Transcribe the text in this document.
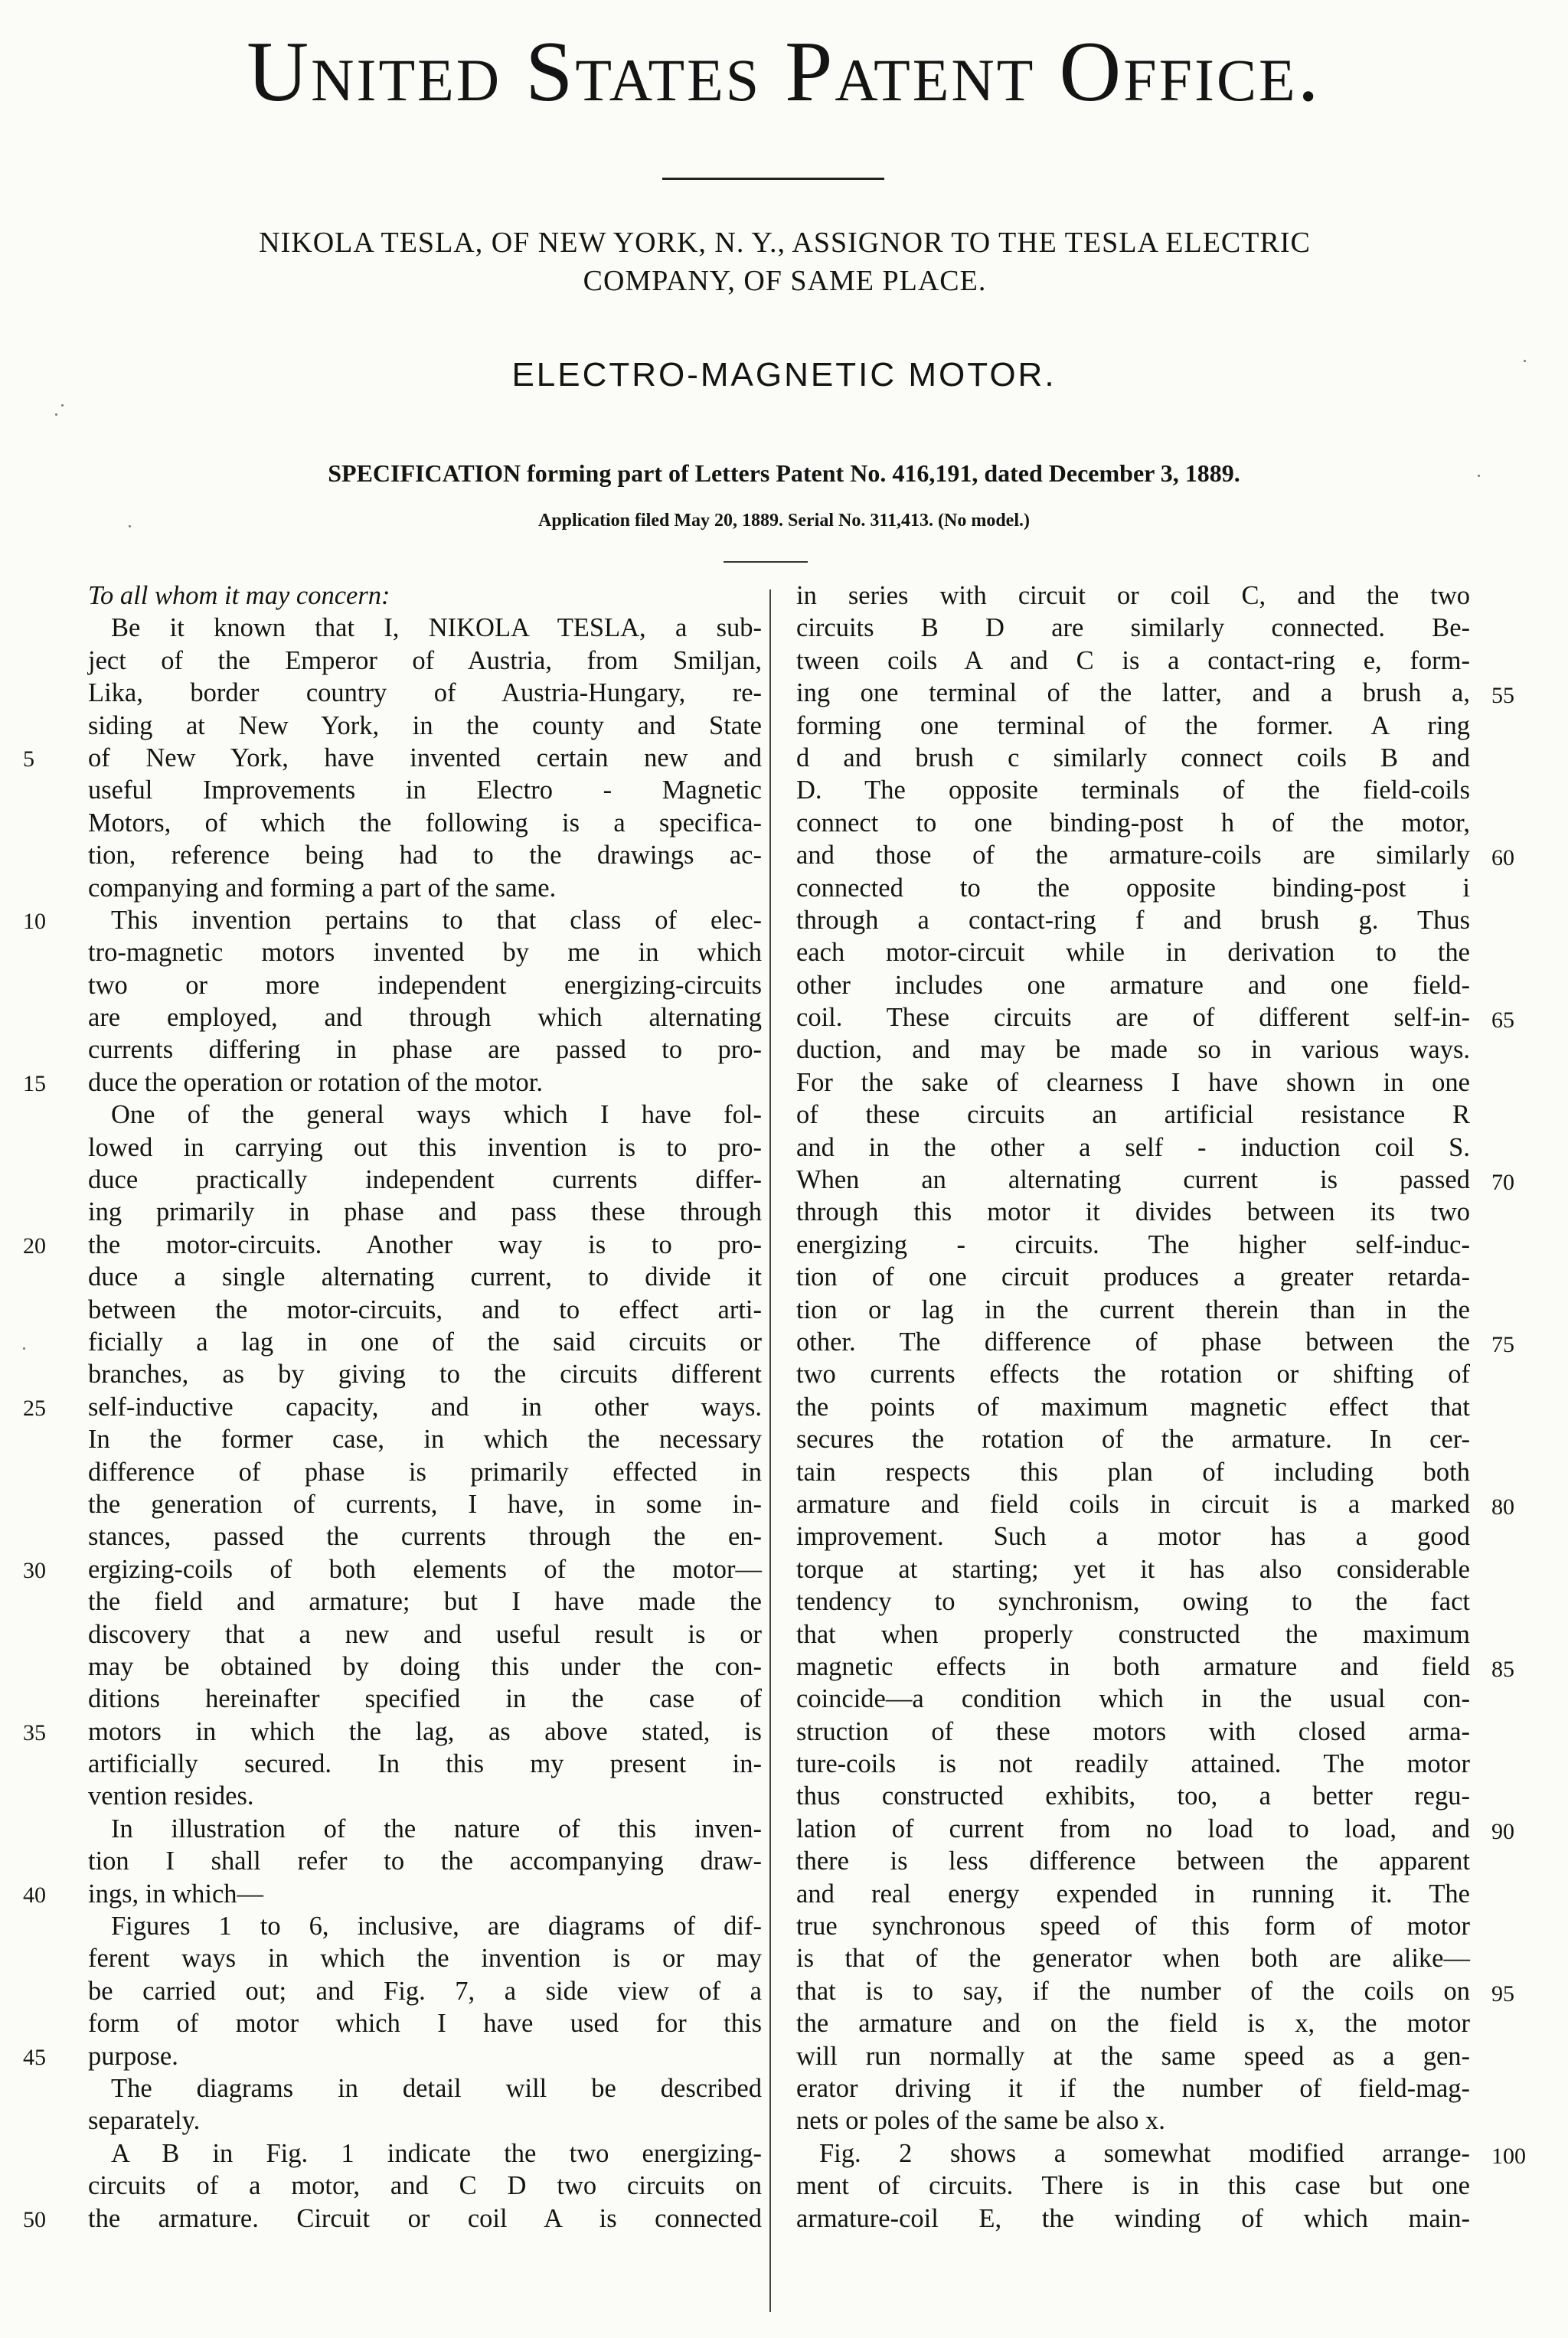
United States Patent Office.
NIKOLA TESLA, OF NEW YORK, N. Y., ASSIGNOR TO THE TESLA ELECTRIC
COMPANY, OF SAME PLACE.
ELECTRO-MAGNETIC MOTOR.
SPECIFICATION forming part of Letters Patent No. 416,191, dated December 3, 1889.
Application filed May 20, 1889. Serial No. 311,413. (No model.)
To all whom it may concern:
Be it known that I, NIKOLA TESLA, a sub-
ject of the Emperor of Austria, from Smiljan,
Lika, border country of Austria-Hungary, re-
siding at New York, in the county and State
of New York, have invented certain new and
useful Improvements in Electro - Magnetic
Motors, of which the following is a specifica-
tion, reference being had to the drawings ac-
companying and forming a part of the same.
This invention pertains to that class of elec-
tro-magnetic motors invented by me in which
two or more independent energizing-circuits
are employed, and through which alternating
currents differing in phase are passed to pro-
duce the operation or rotation of the motor.
One of the general ways which I have fol-
lowed in carrying out this invention is to pro-
duce practically independent currents differ-
ing primarily in phase and pass these through
the motor-circuits. Another way is to pro-
duce a single alternating current, to divide it
between the motor-circuits, and to effect arti-
ficially a lag in one of the said circuits or
branches, as by giving to the circuits different
self-inductive capacity, and in other ways.
In the former case, in which the necessary
difference of phase is primarily effected in
the generation of currents, I have, in some in-
stances, passed the currents through the en-
ergizing-coils of both elements of the motor—
the field and armature; but I have made the
discovery that a new and useful result is or
may be obtained by doing this under the con-
ditions hereinafter specified in the case of
motors in which the lag, as above stated, is
artificially secured. In this my present in-
vention resides.
In illustration of the nature of this inven-
tion I shall refer to the accompanying draw-
ings, in which—
Figures 1 to 6, inclusive, are diagrams of dif-
ferent ways in which the invention is or may
be carried out; and Fig. 7, a side view of a
form of motor which I have used for this
purpose.
The diagrams in detail will be described
separately.
A B in Fig. 1 indicate the two energizing-
circuits of a motor, and C D two circuits on
the armature. Circuit or coil A is connected
in series with circuit or coil C, and the two
circuits B D are similarly connected. Be-
tween coils A and C is a contact-ring e, form-
ing one terminal of the latter, and a brush a,
forming one terminal of the former. A ring
d and brush c similarly connect coils B and
D. The opposite terminals of the field-coils
connect to one binding-post h of the motor,
and those of the armature-coils are similarly
connected to the opposite binding-post i
through a contact-ring f and brush g. Thus
each motor-circuit while in derivation to the
other includes one armature and one field-
coil. These circuits are of different self-in-
duction, and may be made so in various ways.
For the sake of clearness I have shown in one
of these circuits an artificial resistance R
and in the other a self - induction coil S.
When an alternating current is passed
through this motor it divides between its two
energizing - circuits. The higher self-induc-
tion of one circuit produces a greater retarda-
tion or lag in the current therein than in the
other. The difference of phase between the
two currents effects the rotation or shifting of
the points of maximum magnetic effect that
secures the rotation of the armature. In cer-
tain respects this plan of including both
armature and field coils in circuit is a marked
improvement. Such a motor has a good
torque at starting; yet it has also considerable
tendency to synchronism, owing to the fact
that when properly constructed the maximum
magnetic effects in both armature and field
coincide—a condition which in the usual con-
struction of these motors with closed arma-
ture-coils is not readily attained. The motor
thus constructed exhibits, too, a better regu-
lation of current from no load to load, and
there is less difference between the apparent
and real energy expended in running it. The
true synchronous speed of this form of motor
is that of the generator when both are alike—
that is to say, if the number of the coils on
the armature and on the field is x, the motor
will run normally at the same speed as a gen-
erator driving it if the number of field-mag-
nets or poles of the same be also x.
Fig. 2 shows a somewhat modified arrange-
ment of circuits. There is in this case but one
armature-coil E, the winding of which main-
5
10
15
20
25
30
35
40
45
50
55
60
65
70
75
80
85
90
95
100
